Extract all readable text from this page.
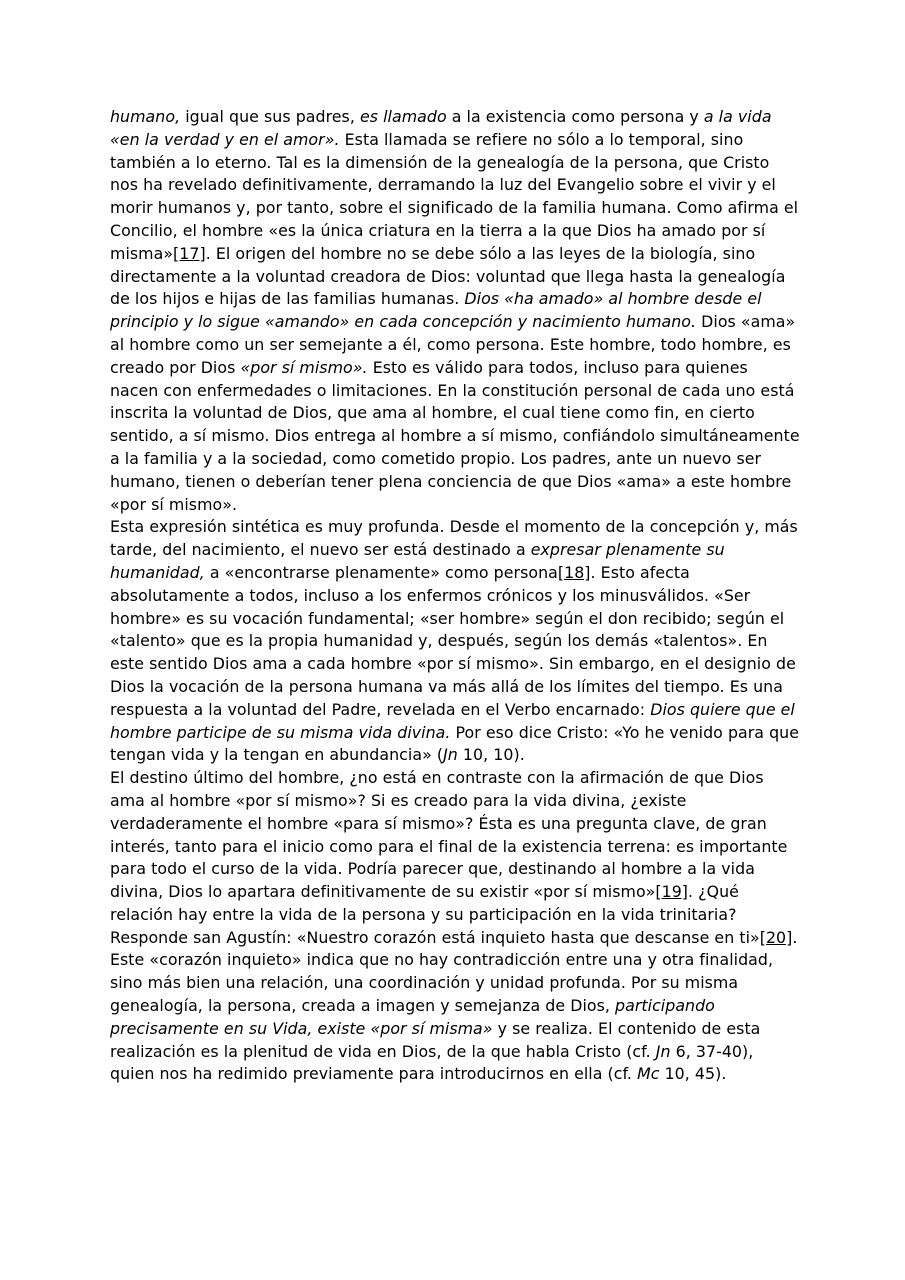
humano, igual que sus padres, es llamado a la existencia como persona y a la vida «en la verdad y en el amor». Esta llamada se refiere no sólo a lo temporal, sino también a lo eterno. Tal es la dimensión de la genealogía de la persona, que Cristo nos ha revelado definitivamente, derramando la luz del Evangelio sobre el vivir y el morir humanos y, por tanto, sobre el significado de la familia humana. Como afirma el Concilio, el hombre «es la única criatura en la tierra a la que Dios ha amado por sí misma»[17]. El origen del hombre no se debe sólo a las leyes de la biología, sino directamente a la voluntad creadora de Dios: voluntad que llega hasta la genealogía de los hijos e hijas de las familias humanas. Dios «ha amado» al hombre desde el principio y lo sigue «amando» en cada concepción y nacimiento humano. Dios «ama» al hombre como un ser semejante a él, como persona. Este hombre, todo hombre, es creado por Dios «por sí mismo». Esto es válido para todos, incluso para quienes nacen con enfermedades o limitaciones. En la constitución personal de cada uno está inscrita la voluntad de Dios, que ama al hombre, el cual tiene como fin, en cierto sentido, a sí mismo. Dios entrega al hombre a sí mismo, confiándolo simultáneamente a la familia y a la sociedad, como cometido propio. Los padres, ante un nuevo ser humano, tienen o deberían tener plena conciencia de que Dios «ama» a este hombre «por sí mismo».

Esta expresión sintética es muy profunda. Desde el momento de la concepción y, más tarde, del nacimiento, el nuevo ser está destinado a expresar plenamente su humanidad, a «encontrarse plenamente» como persona[18]. Esto afecta absolutamente a todos, incluso a los enfermos crónicos y los minusválidos. «Ser hombre» es su vocación fundamental; «ser hombre» según el don recibido; según el «talento» que es la propia humanidad y, después, según los demás «talentos». En este sentido Dios ama a cada hombre «por sí mismo». Sin embargo, en el designio de Dios la vocación de la persona humana va más allá de los límites del tiempo. Es una respuesta a la voluntad del Padre, revelada en el Verbo encarnado: Dios quiere que el hombre participe de su misma vida divina. Por eso dice Cristo: «Yo he venido para que tengan vida y la tengan en abundancia» (Jn 10, 10).

El destino último del hombre, ¿no está en contraste con la afirmación de que Dios ama al hombre «por sí mismo»? Si es creado para la vida divina, ¿existe verdaderamente el hombre «para sí mismo»? Ésta es una pregunta clave, de gran interés, tanto para el inicio como para el final de la existencia terrena: es importante para todo el curso de la vida. Podría parecer que, destinando al hombre a la vida divina, Dios lo apartara definitivamente de su existir «por sí mismo»[19]. ¿Qué relación hay entre la vida de la persona y su participación en la vida trinitaria? Responde san Agustín: «Nuestro corazón está inquieto hasta que descanse en ti»[20]. Este «corazón inquieto» indica que no hay contradicción entre una y otra finalidad, sino más bien una relación, una coordinación y unidad profunda. Por su misma genealogía, la persona, creada a imagen y semejanza de Dios, participando precisamente en su Vida, existe «por sí misma» y se realiza. El contenido de esta realización es la plenitud de vida en Dios, de la que habla Cristo (cf. Jn 6, 37-40), quien nos ha redimido previamente para introducirnos en ella (cf. Mc 10, 45).
